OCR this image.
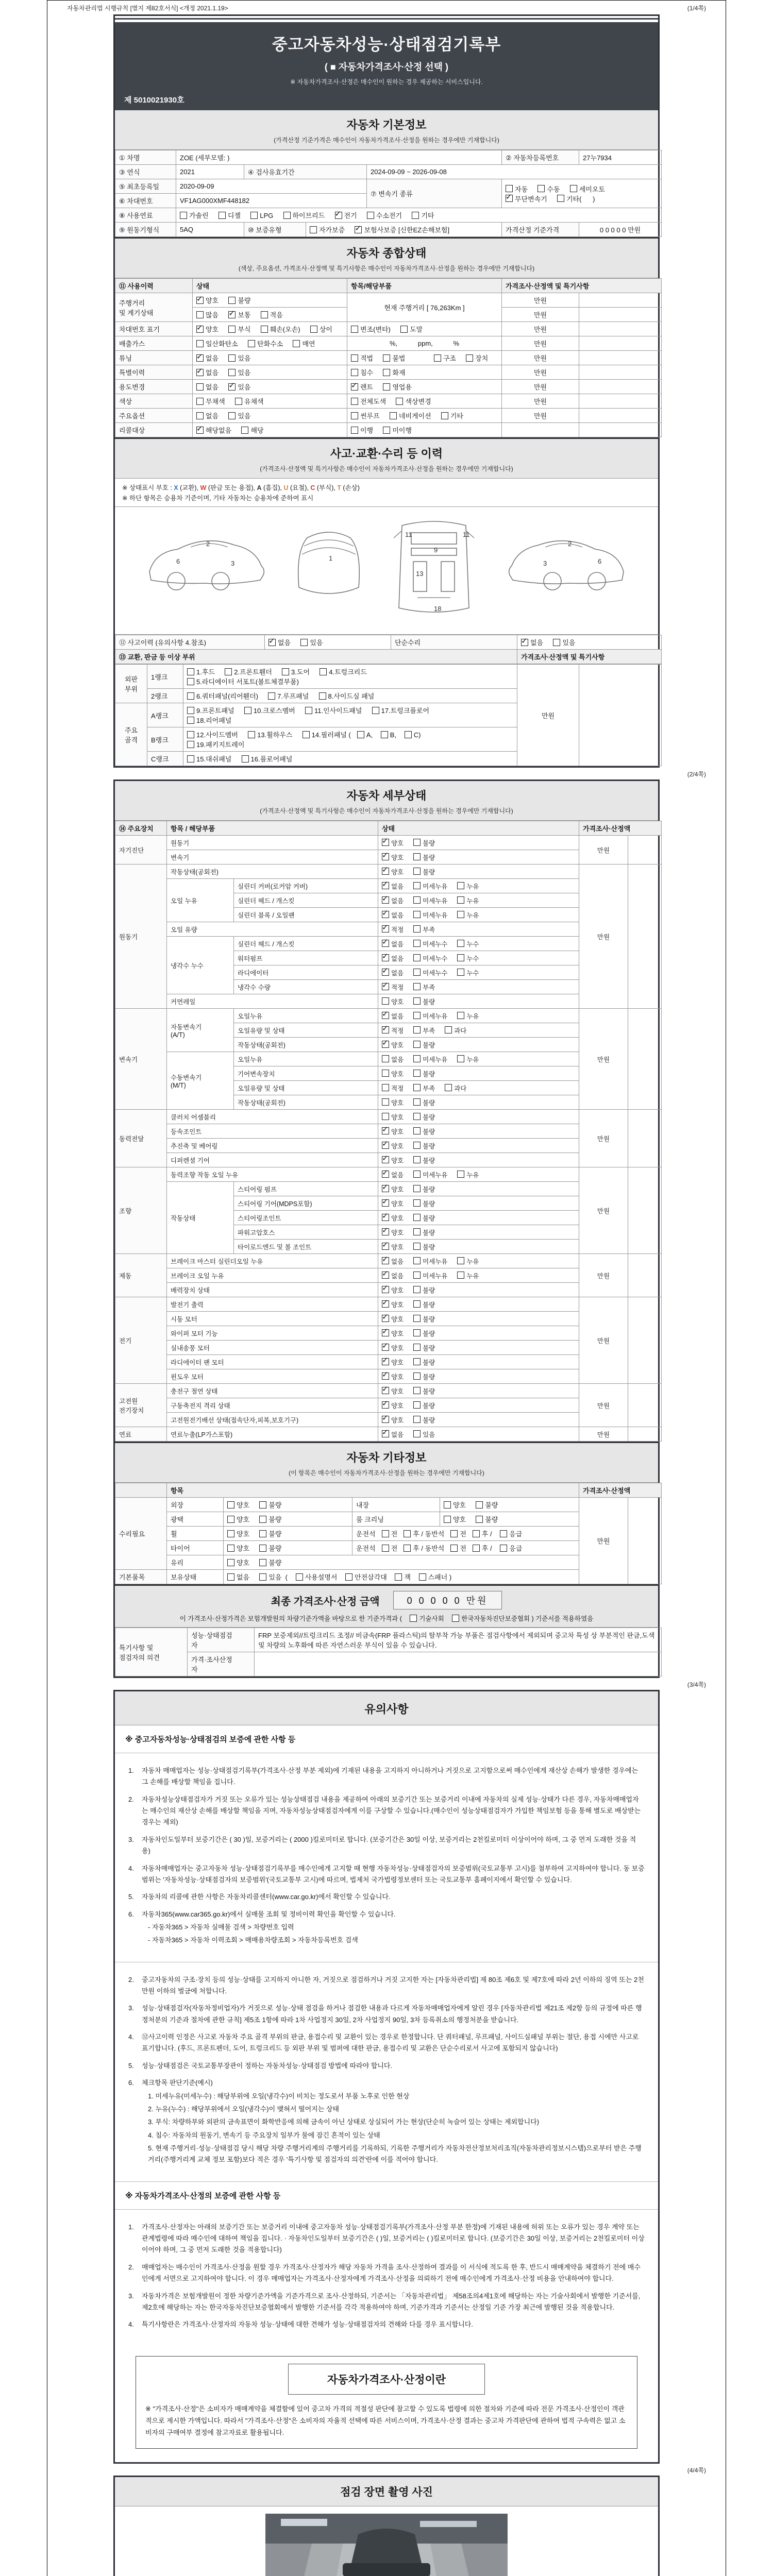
자동차관리법 시행규칙 [별지 제82호서식] <개정 2021.1.19>	(1/4쪽)
중고자동차성능·상태점검기록부
( ■ 자동차가격조사·산정 선택 )
※ 자동차가격조사·산정은 매수인이 원하는 경우 제공하는 서비스입니다.
제 5010021930호
자동차 기본정보
(가격산정 기준가격은 매수인이 자동차가격조사·산정을 원하는 경우에만 기재합니다)
① 차명	ZOE (세부모델: )				② 자동차등록번호	27누7934
③ 연식	2021	④ 검사유효기간		2024-09-09 ~ 2026-09-08		
⑤ 최초등록일	2020-09-09			⑦ 변속기 종류	자동  수동  세미오토
✓무단변속기  기타(      )
⑥ 차대번호	VF1AG000XMF448182					
⑧ 사용연료	가솔린  디젤  LPG  하이브리드   ✓전기  수소전기  기타
⑨ 원동기형식	5AQ	⑩ 보증유형	자가보증   ✓보험사보증 [신한EZ손해보험]		가격산정 기준가격	0 0 0 0 0 만원
자동차 종합상태
(색상, 주요옵션, 가격조사·산정액 및 특기사항은 매수인이 자동차가격조사·산정을 원하는 경우에만 기재합니다)
⑪ 사용이력	상태	항목/해당부품	가격조사·산정액 및 특기사항	
주행거리
및 계기상태	✓양호  불량	현재 주행거리 [ 76,263Km ]	만원	
	많음   ✓보통  적음		만원	
차대번호 표기	✓양호  부식  훼손(오손)  상이	변조(변타)  도말	만원	
배출가스	일산화탄소  탄화수소  매연	%,           ppm,           %	만원	
튜닝	✓없음  있음	적법  불법            구조  장치	만원	
특별이력	✓없음  있음	침수  화재	만원	
용도변경	없음   ✓있음	✓렌트  영업용	만원	
색상	무채색  유채색	전체도색  색상변경	만원	
주요옵션	없음  있음	썬루프  네비게이션  기타	만원	
리콜대상	✓해당없음  해당	이행  미이행		
사고·교환·수리 등 이력
(가격조사·산정액 및 특기사항은 매수인이 자동차가격조사·산정을 원하는 경우에만 기재합니다)
※ 상태표시 부호 : X (교환), W (판금 또는 용접), A (흠집), U (요철), C (부식), T (손상)
※ 하단 항목은 승용차 기준이며, 기타 자동차는 승용차에 준하여 표시
2
3
6	1
11	11
9
13
18
2
3	6
⑫ 사고이력 (유의사항 4.참조)	✓없음  있음	단순수리	✓없음  있음
⑬ 교환, 판금 등 이상 부위			가격조사·산정액 및 특기사항
외판
부위	1랭크	1.후드  2.프론트휀더  3.도어  4.트렁크리드
5.라디에이터 서포트(볼트체결부품)	만원	
	2랭크	6.쿼터패널(리어휀더)  7.루프패널  8.사이드실 패널		
주요
골격	A랭크	9.프론트패널  10.크로스멤버  11.인사이드패널  17.트렁크플로어
18.리어패널		
	B랭크	12.사이드멤버  13.휠하우스  14.필러패널 ( A, B, C)
19.패키지트레이		
	C랭크	15.대쉬패널  16.플로어패널		
(2/4쪽)
자동차 세부상태
(가격조사·산정액 및 특기사항은 매수인이 자동차가격조사·산정을 원하는 경우에만 기재합니다)
⑭ 주요장치	항목 / 해당부품		상태	가격조사·산정액	
자기진단	원동기	✓양호  불량	만원	
	변속기	✓양호  불량
원동기	작동상태(공회전)	✓양호  불량	만원	
	오일 누유	실린더 커버(로커암 커버)	✓없음  미세누유  누유
		실린더 헤드 / 개스킷	✓없음  미세누유  누유
		실린더 블록 / 오일팬	✓없음  미세누유  누유
	오일 유량	✓적정  부족
	냉각수 누수	실린더 헤드 / 개스킷	✓없음  미세누수  누수
		워터펌프	✓없음  미세누수  누수
		라디에이터	✓없음  미세누수  누수
		냉각수 수량	✓적정  부족
	커먼레일		양호  불량		
변속기	자동변속기
(A/T)	오일누유	✓없음  미세누유  누유	만원	
		오일유량 및 상태	✓적정  부족  과다
		작동상태(공회전)	✓양호  불량
	수동변속기
(M/T)	오일누유	없음  미세누유  누유		
		기어변속장치	양호  불량		
		오일유량 및 상태	적정  부족  과다		
		작동상태(공회전)	양호  불량		
동력전달	클러치 어셈블리		양호  불량	만원	
	등속조인트	✓양호  불량
	추진축 및 베어링	✓양호  불량
	디퍼렌셜 기어	✓양호  불량
조향	동력조향 작동 오일 누유	✓없음  미세누유  누유	만원	
	작동상태	스티어링 펌프	✓양호  불량
		스티어링 기어(MDPS포함)	✓양호  불량
		스티어링조인트	✓양호  불량
		파워고압호스	✓양호  불량
		타이로드엔드 및 볼 조인트	✓양호  불량
제동	브레이크 마스터 실린더오일 누유	✓없음  미세누유  누유	만원	
	브레이크 오일 누유	✓없음  미세누유  누유
	배력장치 상태	✓양호  불량
전기	발전기 출력	✓양호  불량	만원	
	시동 모터	✓양호  불량
	와이퍼 모터 기능	✓양호  불량
	실내송풍 모터	✓양호  불량
	라디에이터 팬 모터	✓양호  불량
	윈도우 모터	✓양호  불량
고전원
전기장치	충전구 절연 상태	✓양호  불량	만원	
	구동축전지 격리 상태	✓양호  불량
	고전원전기배선 상태(접속단자,피복,보호기구)	✓양호  불량
연료	연료누출(LP가스포함)	✓없음  있음	만원	
자동차 기타정보
(이 항목은 매수인이 자동차가격조사·산정을 원하는 경우에만 기재합니다)
	항목				가격조사·산정액	
수리필요	외장	양호  불량	내장	양호  불량	만원	
	광택	양호  불량	룸 크리닝	양호  불량		
	휠	양호  불량	운전석 전 후 / 동반석 전 후 / 응급			
	타이어	양호  불량	운전석 전 후 / 동반석 전 후 / 응급			
	유리	양호  불량				
기본품목	보유상태	없음  있음  ( 사용설명서 안전삼각대 잭 스패너 )				
최종 가격조사·산정 금액	0 0 0 0 0 만원
이 가격조사·산정가격은 보험개발원의 차량기준가액을 바탕으로 한 기준가격과 ( 기술사회 한국자동차진단보증협회 ) 기준서를 적용하였음
특기사항 및
점검자의 의견	성능·상태점검
자	FRP 보증제외//트렁크리드 조정// 비금속(FRP 플라스틱)의 탈부착 가능 부품은 점검사항에서 제외되며 중고차 특성 상 부분적인 판금,도색 및 차량의 노후화에 따른 자연스러운 부식이 있을 수 있습니다.
	가격·조사산정
자	
(3/4쪽)
유의사항
※ 중고자동차성능·상태점검의 보증에 관한 사항 등
1.	자동차 매매업자는 성능·상태점검기록부(가격조사·산정 부분 제외)에 기재된 내용을 고지하지 아니하거나 거짓으로 고지함으로써 매수인에게 재산상 손해가 발생한 경우에는 그 손해를 배상할 책임을 집니다.
2.	자동차성능상태점검자가 거짓 또는 오류가 있는 성능상태점검 내용을 제공하여 아래의 보증기간 또는 보증거리 이내에 자동차의 실제 성능·상태가 다른 경우, 자동차매매업자는 매수인의 재산상 손해를 배상할 책임을 지며, 자동차성능상태점검자에게 이를 구상할 수 있습니다.(매수인이 성능상태점검자가 가입한 책임보험 등을 통해 별도로 배상받는 경우는 제외)
3.	자동차인도일부터 보증기간은 ( 30 )일, 보증거리는 ( 2000 )킬로미터로 합니다. (보증기간은 30일 이상, 보증거리는 2천킬로미터 이상이어야 하며, 그 중 먼저 도래한 것을 적용)
4.	자동차매매업자는 중고자동차 성능·상태점검기록부를 매수인에게 고지할 때 현행 자동차성능·상태점검자의 보증범위(국토교통부 고시)를 첨부하여 고지하여야 합니다. 동 보증범위는 '자동차성능·상태점검자의 보증범위'(국토교통부 고시)에 따르며, 법제처 국가법령정보센터 또는 국토교통부 홈페이지에서 확인할 수 있습니다.
5.	자동차의 리콜에 관한 사항은 자동차리콜센터(www.car.go.kr)에서 확인할 수 있습니다.
6.	자동차365(www.car365.go.kr)에서 실매물 조회 및 정비이력 확인을 확인할 수 있습니다.
- 자동차365 > 자동차 실매물 검색 > 차량번호 입력
- 자동차365 > 자동차 이력조회 > 매매용차량조회 > 자동차등록번호 검색
2.	중고자동차의 구조·장치 등의 성능·상태를 고지하지 아니한 자, 거짓으로 점검하거나 거짓 고지한 자는 [자동차관리법] 제 80조 제6호 및 제7호에 따라 2년 이하의 징역 또는 2천만원 이하의 벌금에 처합니다.
3.	성능·상태점검자(자동차정비업자)가 거짓으로 성능·상태 점검을 하거나 점검한 내용과 다르게 자동차매매업자에게 알린 경우 [자동차관리법 제21조 제2항 등의 규정에 따른 행정처분의 기준과 절차에 관한 규칙] 제5조 1항에 따라 1차 사업정지 30일, 2차 사업정지 90일, 3차 등록취소의 행정처분을 받습니다.
4.	⑫사고이력 인정은 사고로 자동차 주요 골격 부위의 판금, 용접수리 및 교환이 있는 경우로 한정합니다. 단 쿼터패널, 루프패널, 사이드실패널 부위는 절단, 용접 시에만 사고로 표기합니다. (후드, 프론트펜더, 도어, 트렁크리드 등 외판 부위 및 범퍼에 대한 판금, 용접수리 및 교환은 단순수리로서 사고에 포함되지 않습니다)
5.	성능·상태점검은 국토교통부장관이 정하는 자동차성능·상태점검 방법에 따라야 합니다.
6.	체크항목 판단기준(예시)
1. 미세누유(미세누수) : 해당부위에 오일(냉각수)이 비치는 정도로서 부품 노후로 인한 현상
2. 누유(누수) : 해당부위에서 오일(냉각수)이 맺혀서 떨어지는 상태
3. 부식: 차량하부와 외판의 금속표면이 화학반응에 의해 금속이 아닌 상태로 상실되어 가는 현상(단순히 녹슬어 있는 상태는 제외합니다)
4. 침수: 자동차의 원동기, 변속기 등 주요장치 일부가 물에 잠긴 흔적이 있는 상태
5. 현재 주행거리·성능·상태점검 당시 해당 차량 주행거리계의 주행거리를 기록하되, 기록한 주행거리가 자동차전산정보처리조직(자동차관리정보시스템)으로부터 받은 주행거리(주행거리계 교체 정보 포함)보다 적은 경우 '특기사항 및 점검자의 의견'란에 이를 적어야 합니다.
※ 자동차가격조사·산정의 보증에 관한 사항 등
1.	가격조사·산정자는 아래의 보증기간 또는 보증거리 이내에 중고자동차 성능·상태점검기록부(가격조사·산정 부분 한정)에 기재된 내용에 허위 또는 오류가 있는 경우 계약 또는 관계법령에 따라 매수인에 대하여 책임을 집니다. · 자동차인도일부터 보증기간은 ( )일, 보증거리는 ( )킬로미터로 합니다. (보증기간은 30일 이상, 보증거리는 2천킬로미터 이상이어야 하며, 그 중 먼저 도래한 것을 적용합니다)
2.	매매업자는 매수인이 가격조사·산정을 원할 경우 가격조사·산정자가 해당 자동차 가격을 조사·산정하여 결과를 이 서식에 적도록 한 후, 반드시 매매계약을 체결하기 전에 매수인에게 서면으로 고지하여야 합니다. 이 경우 매매업자는 가격조사·산정자에게 가격조사·산정을 의뢰하기 전에 매수인에게 가격조사·산정 비용을 안내하여야 합니다.
3.	자동차가격은 보험개발원이 정한 차량기준가액을 기준가격으로 조사·산정하되, 기준서는 「자동차관리법」 제58조의4제1호에 해당하는 자는 기술사회에서 발행한 기준서를, 제2호에 해당하는 자는 한국자동차진단보증협회에서 발행한 기준서를 각각 적용하여야 하며, 기준가격과 기준서는 산정일 기준 가장 최근에 발행된 것을 적용합니다.
4.	특기사항란은 가격조사·산정자의 자동차 성능·상태에 대한 견해가 성능·상태점검자의 견해와 다를 경우 표시합니다.
자동차가격조사·산정이란
※ "가격조사·산정"은 소비자가 매매계약을 체결함에 있어 중고차 가격의 적절성 판단에 참고할 수 있도록 법령에 의한 절차와 기준에 따라 전문 가격조사·산정인이 객관적으로 제시한 가액입니다. 따라서 "가격조사·산정"은 소비자의 자율적 선택에 따른 서비스이며, 가격조사·산정 결과는 중고차 가격판단에 관하여 법적 구속력은 없고 소비자의 구매여부 결정에 참고자료로 활용됩니다.
(4/4쪽)
점검 장면 촬영 사진
